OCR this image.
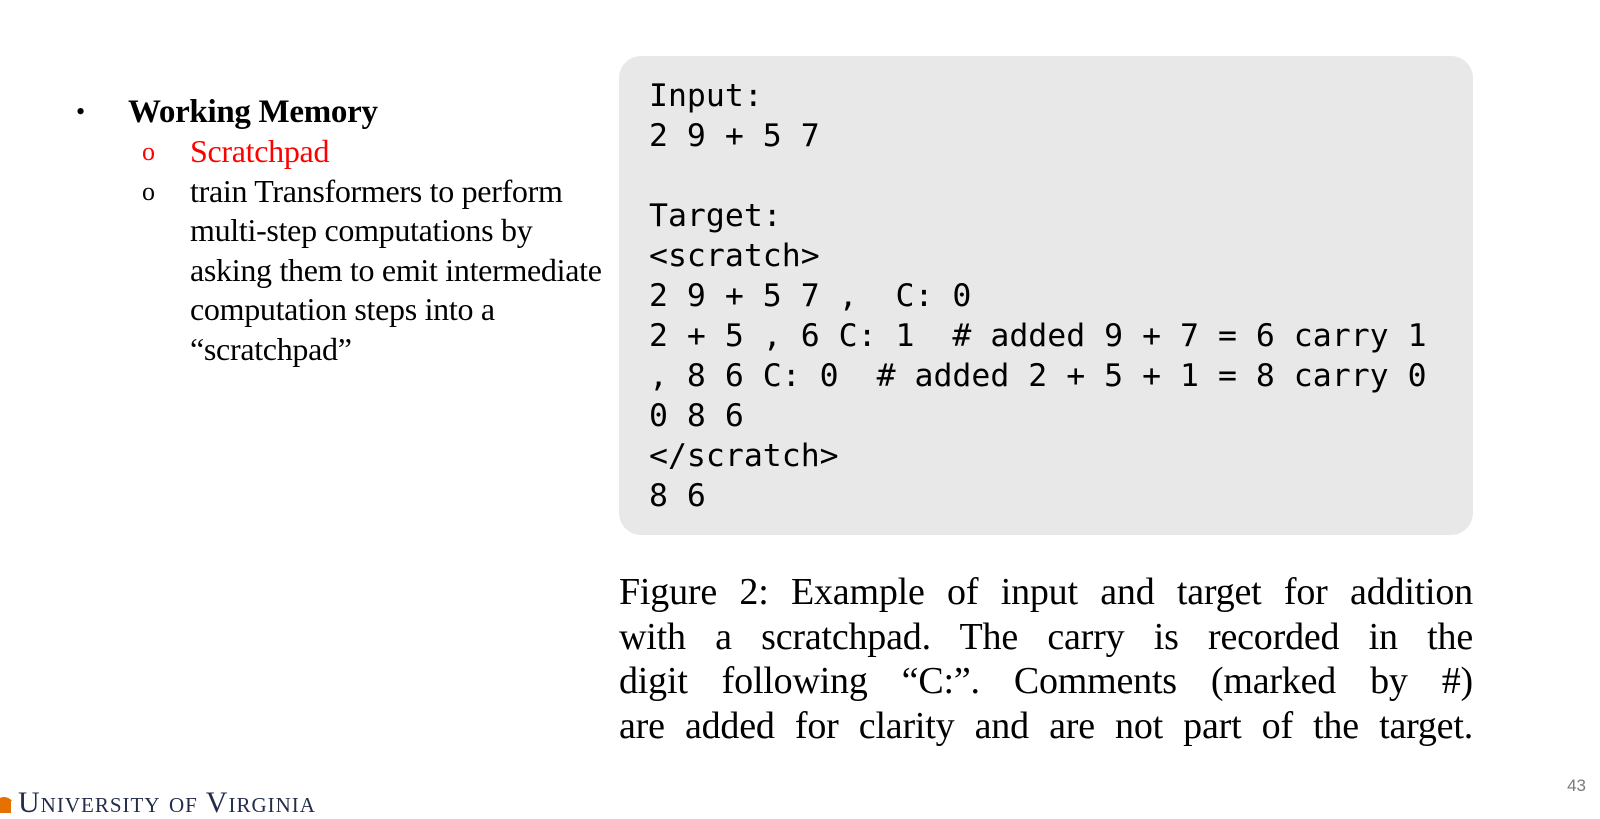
• Working Memory
o Scratchpad
o train Transformers to perform multi-step computations by asking them to emit intermediate computation steps into a “scratchpad”
Input:
2 9 + 5 7
Target:
<scratch>
2 9 + 5 7 ,  C: 0
2 + 5 , 6 C: 1  # added 9 + 7 = 6 carry 1
, 8 6 C: 0  # added 2 + 5 + 1 = 8 carry 0
0 8 6
</scratch>
8 6
Figure 2: Example of input and target for addition
with a scratchpad. The carry is recorded in the
digit following “C:”. Comments (marked by #)
are added for clarity and are not part of the target.
University of Virginia
43
